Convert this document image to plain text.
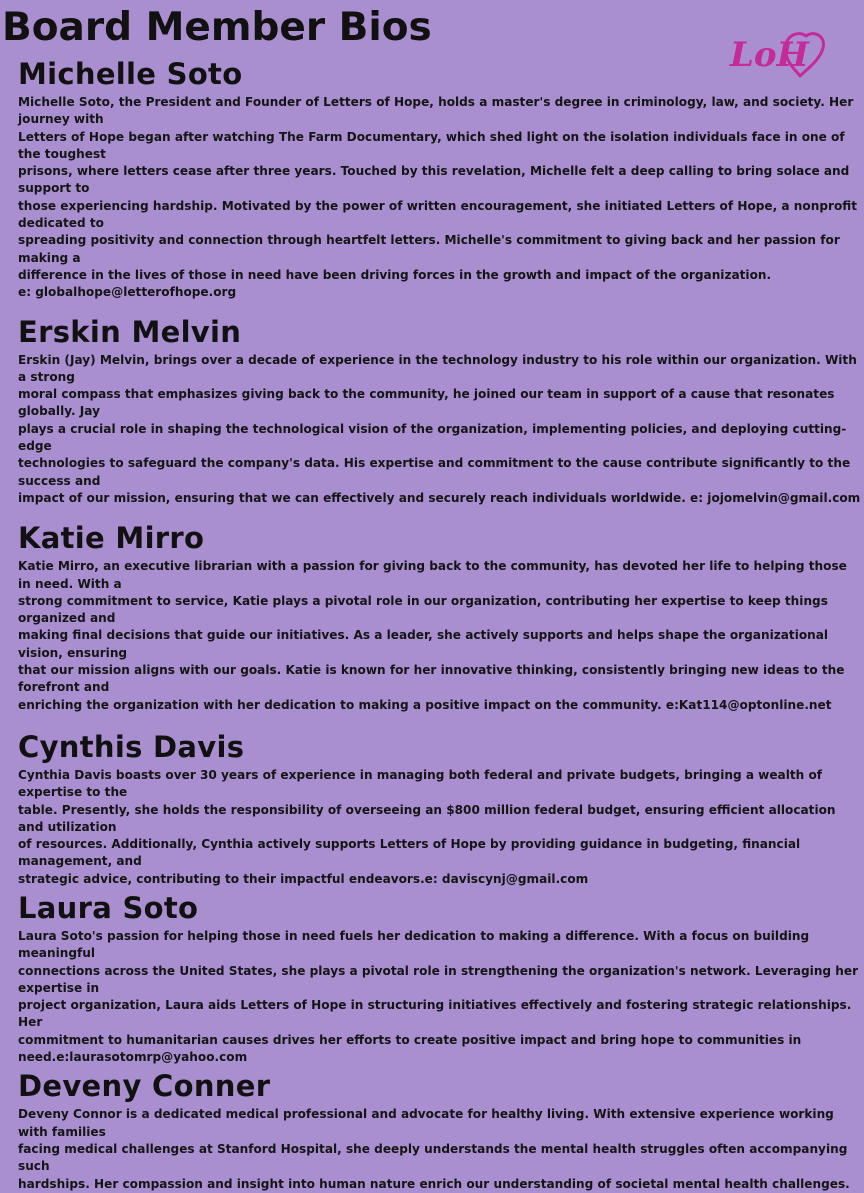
Board Member Bios
LoH
Michelle Soto

Michelle Soto, the President and Founder of Letters of Hope, holds a master's degree in criminology, law, and society. Her journey with
Letters of Hope began after watching The Farm Documentary, which shed light on the isolation individuals face in one of the toughest
prisons, where letters cease after three years. Touched by this revelation, Michelle felt a deep calling to bring solace and support to
those experiencing hardship. Motivated by the power of written encouragement, she initiated Letters of Hope, a nonprofit dedicated to
spreading positivity and connection through heartfelt letters. Michelle's commitment to giving back and her passion for making a
difference in the lives of those in need have been driving forces in the growth and impact of the organization.
e: globalhope@letterofhope.org

Erskin Melvin

Erskin (Jay) Melvin, brings over a decade of experience in the technology industry to his role within our organization. With a strong
moral compass that emphasizes giving back to the community, he joined our team in support of a cause that resonates globally. Jay
plays a crucial role in shaping the technological vision of the organization, implementing policies, and deploying cutting-edge
technologies to safeguard the company's data. His expertise and commitment to the cause contribute significantly to the success and
impact of our mission, ensuring that we can effectively and securely reach individuals worldwide. e: jojomelvin@gmail.com

Katie Mirro

Katie Mirro, an executive librarian with a passion for giving back to the community, has devoted her life to helping those in need. With a
strong commitment to service, Katie plays a pivotal role in our organization, contributing her expertise to keep things organized and
making final decisions that guide our initiatives. As a leader, she actively supports and helps shape the organizational vision, ensuring
that our mission aligns with our goals. Katie is known for her innovative thinking, consistently bringing new ideas to the forefront and
enriching the organization with her dedication to making a positive impact on the community. e:Kat114@optonline.net

Cynthis Davis

Cynthia Davis boasts over 30 years of experience in managing both federal and private budgets, bringing a wealth of expertise to the
table. Presently, she holds the responsibility of overseeing an $800 million federal budget, ensuring efficient allocation and utilization
of resources. Additionally, Cynthia actively supports Letters of Hope by providing guidance in budgeting, financial management, and
strategic advice, contributing to their impactful endeavors.e: daviscynj@gmail.com

Laura Soto

Laura Soto's passion for helping those in need fuels her dedication to making a difference. With a focus on building meaningful
connections across the United States, she plays a pivotal role in strengthening the organization's network. Leveraging her expertise in
project organization, Laura aids Letters of Hope in structuring initiatives effectively and fostering strategic relationships. Her
commitment to humanitarian causes drives her efforts to create positive impact and bring hope to communities in
need.e:laurasotomrp@yahoo.com

Deveny Conner

Deveny Connor is a dedicated medical professional and advocate for healthy living. With extensive experience working with families
facing medical challenges at Stanford Hospital, she deeply understands the mental health struggles often accompanying such
hardships. Her compassion and insight into human nature enrich our understanding of societal mental health challenges.
